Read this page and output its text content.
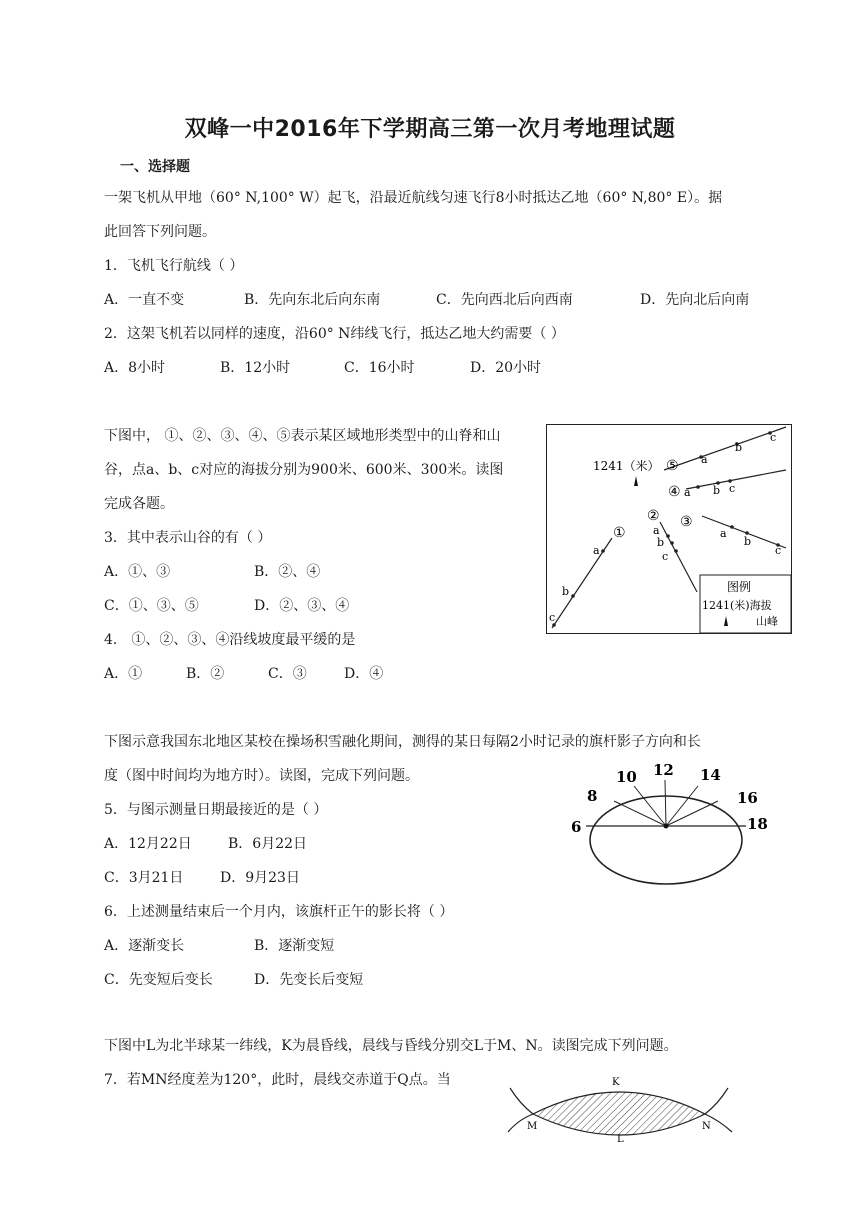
双峰一中2016年下学期高三第一次月考地理试题
一、选择题
一架飞机从甲地（60° N,100° W）起飞，沿最近航线匀速飞行8小时抵达乙地（60° N,80° E）。据
此回答下列问题。
1．飞机飞行航线（ ）
A．一直不变	B．先向东北后向东南	C．先向西北后向西南	D．先向北后向南
2．这架飞机若以同样的速度，沿60° N纬线飞行，抵达乙地大约需要（ ）
A．8小时	B．12小时	C．16小时	D．20小时
下图中， ①、②、③、④、⑤表示某区域地形类型中的山脊和山
谷，点a、b、c对应的海拔分别为900米、600米、300米。读图
完成各题。
3．其中表示山谷的有（ ）
A．①、③	B．②、④
C．①、③、⑤	D．②、③、④
4． ①、②、③、④沿线坡度最平缓的是
A．①	B．②	C．③	D．④
a
b
c
⑤
1241（米）
④ a b c
③
a
b
c
②
a
b
c
①
a
b
c
图例
1241(米)海拔
山峰
下图示意我国东北地区某校在操场积雪融化期间，测得的某日每隔2小时记录的旗杆影子方向和长
度（图中时间均为地方时）。读图，完成下列问题。
5．与图示测量日期最接近的是（ ）
A．12月22日	B．6月22日
C．3月21日	D．9月23日
6．上述测量结束后一个月内，该旗杆正午的影长将（ ）
A．逐渐变长	B．逐渐变短
C．先变短后变长	D．先变长后变短
6
8
10 12 14
16
18
下图中L为北半球某一纬线，K为晨昏线，晨线与昏线分别交L于M、N。读图完成下列问题。
7．若MN经度差为120°，此时，晨线交赤道于Q点。当	K
M	N
L
